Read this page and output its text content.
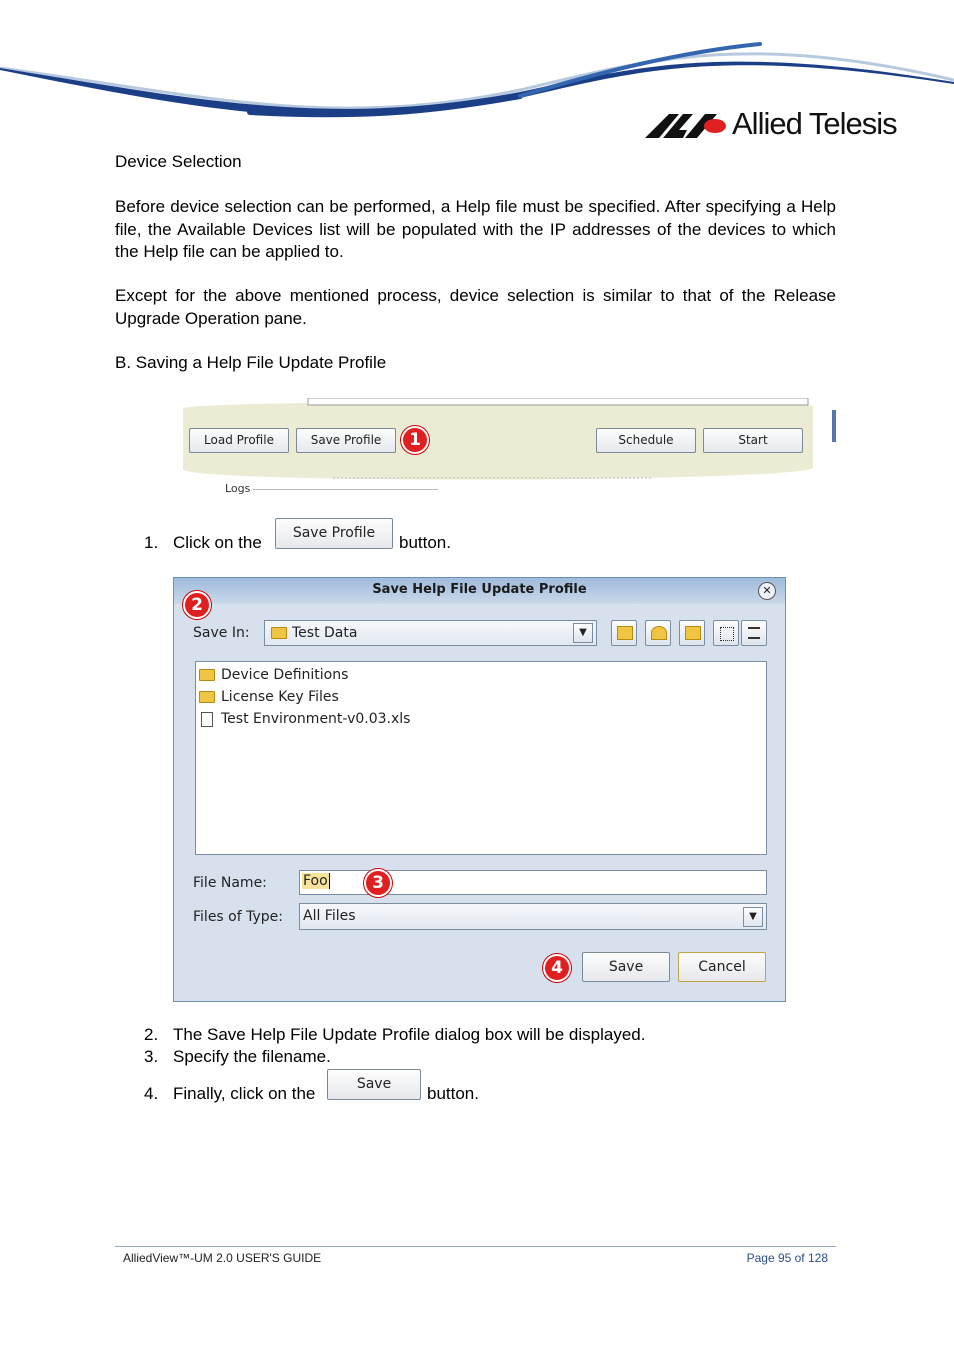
Allied Telesis
Device Selection
Before device selection can be performed, a Help file must be specified. After specifying a Help file, the Available Devices list will be populated with the IP addresses of the devices to which the Help file can be applied to.
Except for the above mentioned process, device selection is similar to that of the Release Upgrade Operation pane.
B. Saving a Help File Update Profile
Load Profile	Save Profile	1	Schedule	Start
Logs
1. Click on the	Save Profile	button.
Save Help File Update Profile	✕
2
Save In:	Test Data	▼
Device Definitions
License Key Files
Test Environment-v0.03.xls
File Name:	Foo	3
Files of Type: All Files	▼
4	Save	Cancel
2. The Save Help File Update Profile dialog box will be displayed.
3. Specify the filename.
4. Finally, click on the	Save	button.
AlliedView™-UM 2.0 USER'S GUIDE	Page 95 of 128
